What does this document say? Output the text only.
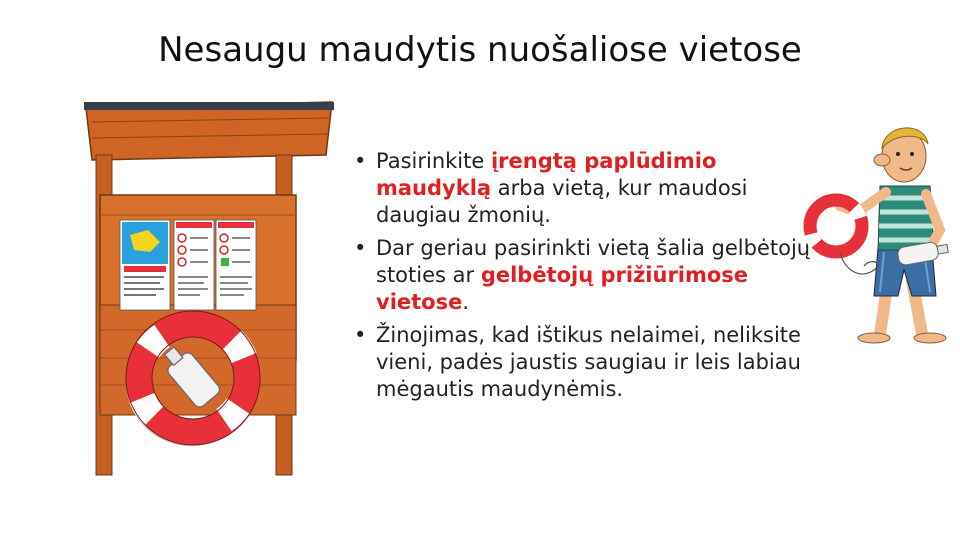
Nesaugu maudytis nuošaliose vietose
• Pasirinkite įrengtą paplūdimio maudyklą arba vietą, kur maudosi daugiau žmonių.
• Dar geriau pasirinkti vietą šalia gelbėtojų stoties ar gelbėtojų prižiūrimose vietose.
• Žinojimas, kad ištikus nelaimei, neliksite vieni, padės jaustis saugiau ir leis labiau mėgautis maudynėmis.
